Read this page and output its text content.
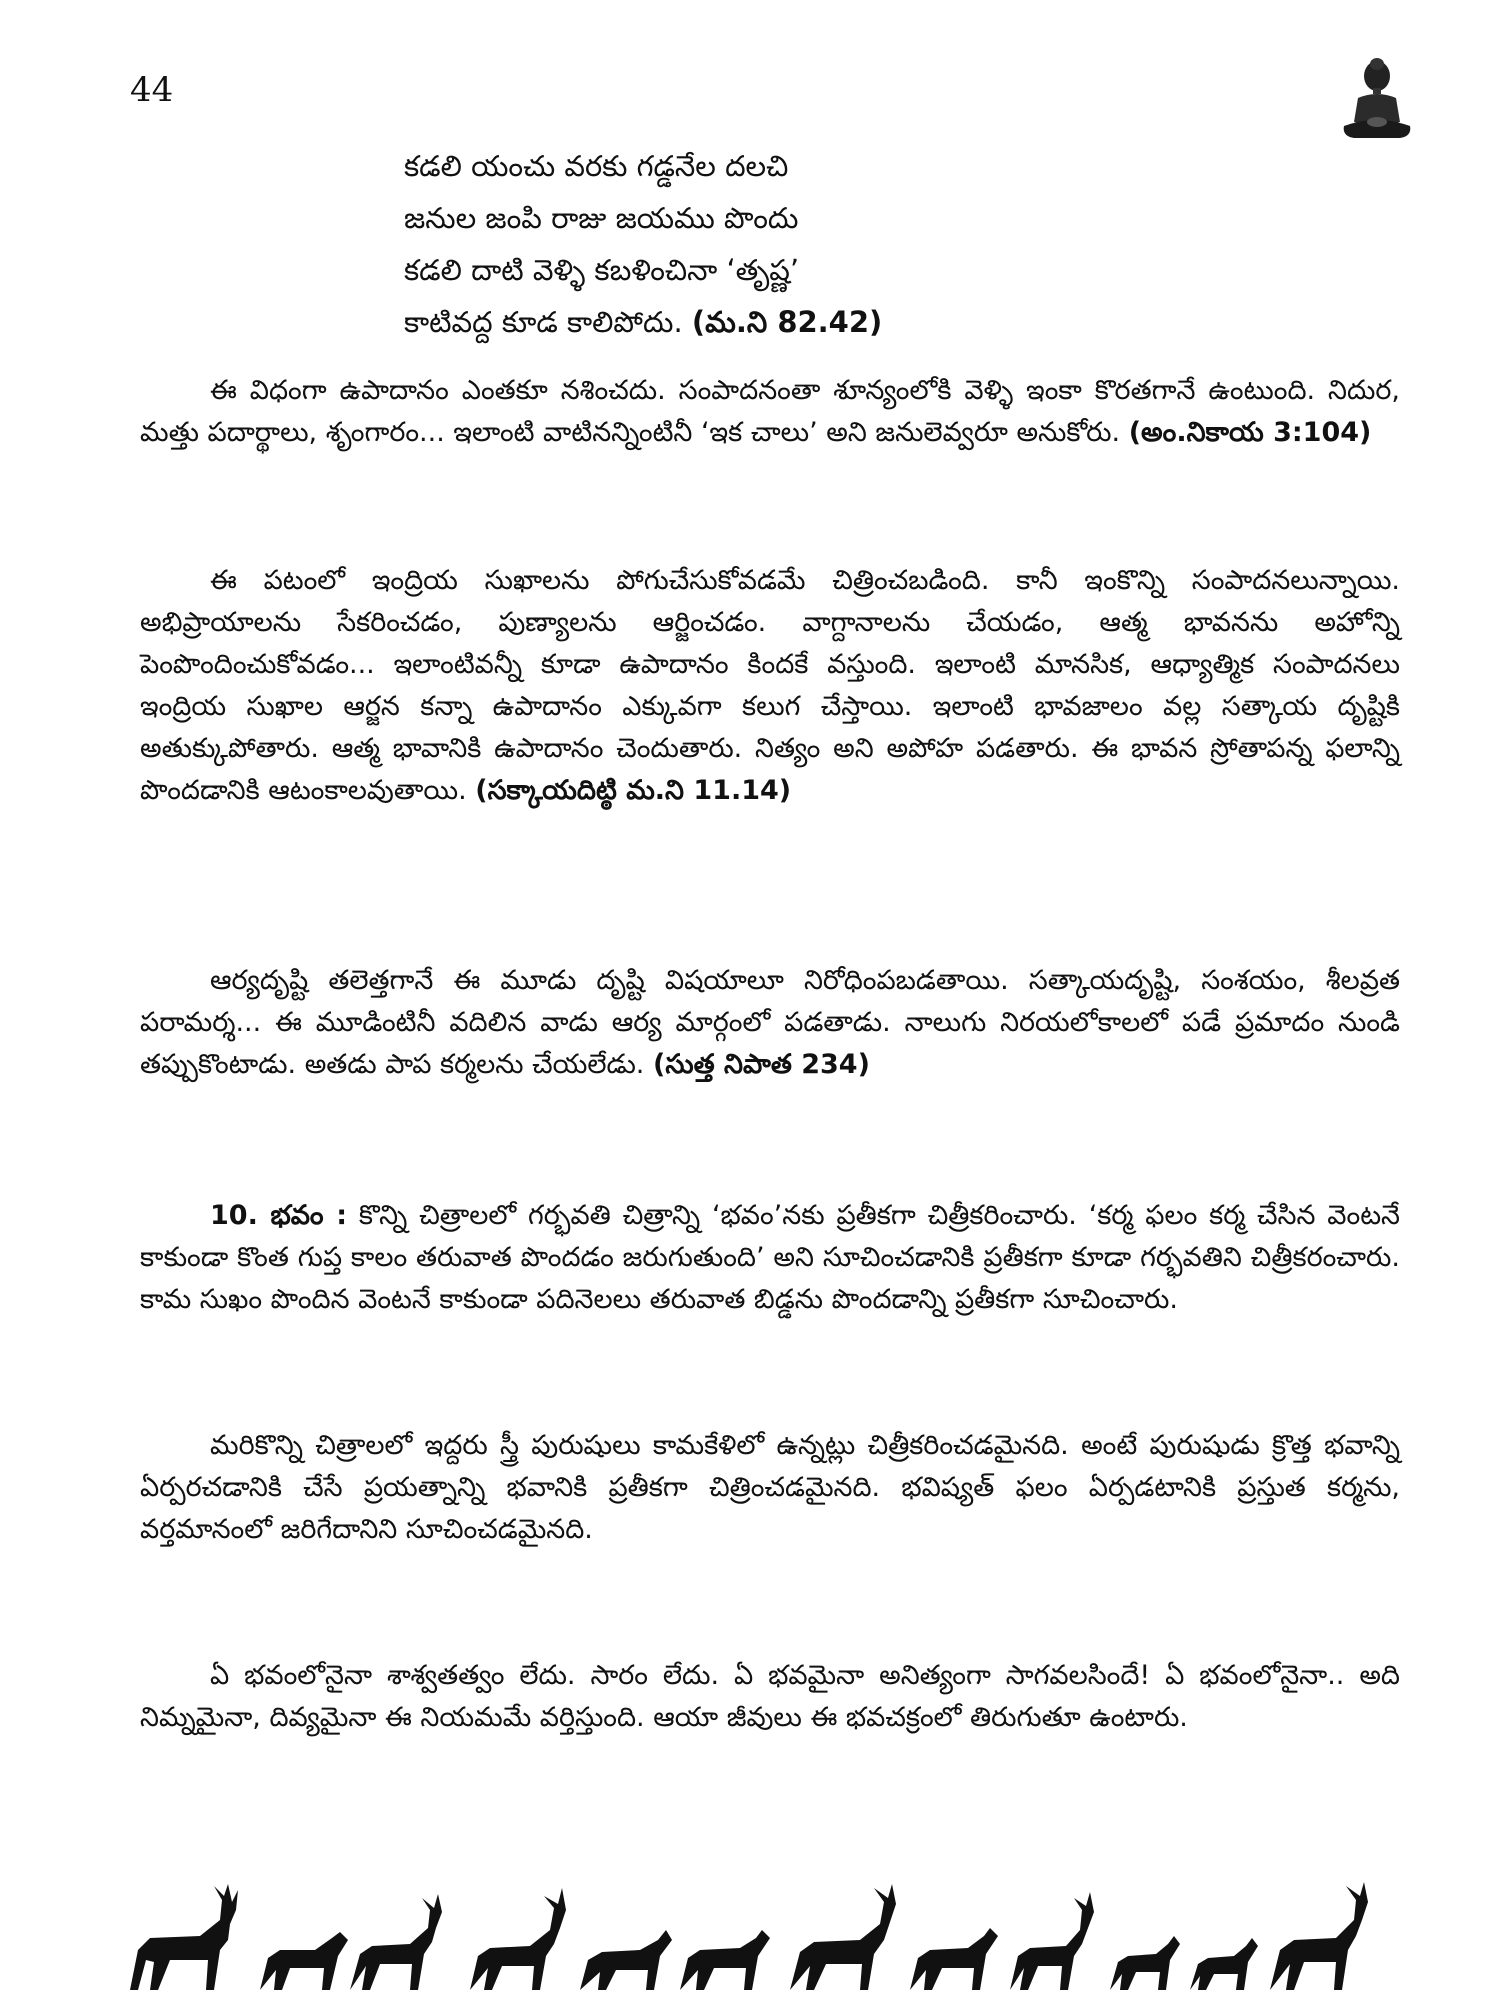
44
కడలి యంచు వరకు గడ్డనేల దలచి
జనుల జంపి రాజు జయము పొందు
కడలి దాటి వెళ్ళి కబళించినా ‘తృష్ణ’
కాటివద్ద కూడ కాలిపోదు. (మ.ని 82.42)
ఈ విధంగా ఉపాదానం ఎంతకూ నశించదు. సంపాదనంతా శూన్యంలోకి వెళ్ళి ఇంకా కొరతగానే ఉంటుంది. నిదుర, మత్తు పదార్థాలు, శృంగారం... ఇలాంటి వాటినన్నింటినీ ‘ఇక చాలు’ అని జనులెవ్వరూ అనుకోరు. (అం.నికాయ 3:104)
ఈ పటంలో ఇంద్రియ సుఖాలను పోగుచేసుకోవడమే చిత్రించబడింది. కానీ ఇంకొన్ని సంపాదనలున్నాయి. అభిప్రాయాలను సేకరించడం, పుణ్యాలను ఆర్జించడం. వాగ్దానాలను చేయడం, ఆత్మ భావనను అహోన్ని పెంపొందించుకోవడం... ఇలాంటివన్నీ కూడా ఉపాదానం కిందకే వస్తుంది. ఇలాంటి మానసిక, ఆధ్యాత్మిక సంపాదనలు ఇంద్రియ సుఖాల ఆర్జన కన్నా ఉపాదానం ఎక్కువగా కలుగ చేస్తాయి. ఇలాంటి భావజాలం వల్ల సత్కాయ దృష్టికి అతుక్కుపోతారు. ఆత్మ భావానికి ఉపాదానం చెందుతారు. నిత్యం అని అపోహ పడతారు. ఈ భావన స్రోతాపన్న ఫలాన్ని పొందడానికి ఆటంకాలవుతాయి. (సక్కాయదిట్ఠి మ.ని 11.14)
ఆర్యదృష్టి తలెత్తగానే ఈ మూడు దృష్టి విషయాలూ నిరోధింపబడతాయి. సత్కాయదృష్టి, సంశయం, శీలవ్రత పరామర్శ... ఈ మూడింటినీ వదిలిన వాడు ఆర్య మార్గంలో పడతాడు. నాలుగు నిరయలోకాలలో పడే ప్రమాదం నుండి తప్పుకొంటాడు. అతడు పాప కర్మలను చేయలేడు. (సుత్త నిపాత 234)
10. భవం : కొన్ని చిత్రాలలో గర్భవతి చిత్రాన్ని ‘భవం’నకు ప్రతీకగా చిత్రీకరించారు. ‘కర్మ ఫలం కర్మ చేసిన వెంటనే కాకుండా కొంత గుప్త కాలం తరువాత పొందడం జరుగుతుంది’ అని సూచించడానికి ప్రతీకగా కూడా గర్భవతిని చిత్రీకరంచారు. కామ సుఖం పొందిన వెంటనే కాకుండా పదినెలలు తరువాత బిడ్డను పొందడాన్ని ప్రతీకగా సూచించారు.
మరికొన్ని చిత్రాలలో ఇద్దరు స్త్రీ పురుషులు కామకేళిలో ఉన్నట్లు చిత్రీకరించడమైనది. అంటే పురుషుడు క్రొత్త భవాన్ని ఏర్పరచడానికి చేసే ప్రయత్నాన్ని భవానికి ప్రతీకగా చిత్రించడమైనది. భవిష్యత్ ఫలం ఏర్పడటానికి ప్రస్తుత కర్మను, వర్తమానంలో జరిగేదానిని సూచించడమైనది.
ఏ భవంలోనైనా శాశ్వతత్వం లేదు. సారం లేదు. ఏ భవమైనా అనిత్యంగా సాగవలసిందే! ఏ భవంలోనైనా.. అది నిమ్నమైనా, దివ్యమైనా ఈ నియమమే వర్తిస్తుంది. ఆయా జీవులు ఈ భవచక్రంలో తిరుగుతూ ఉంటారు.
